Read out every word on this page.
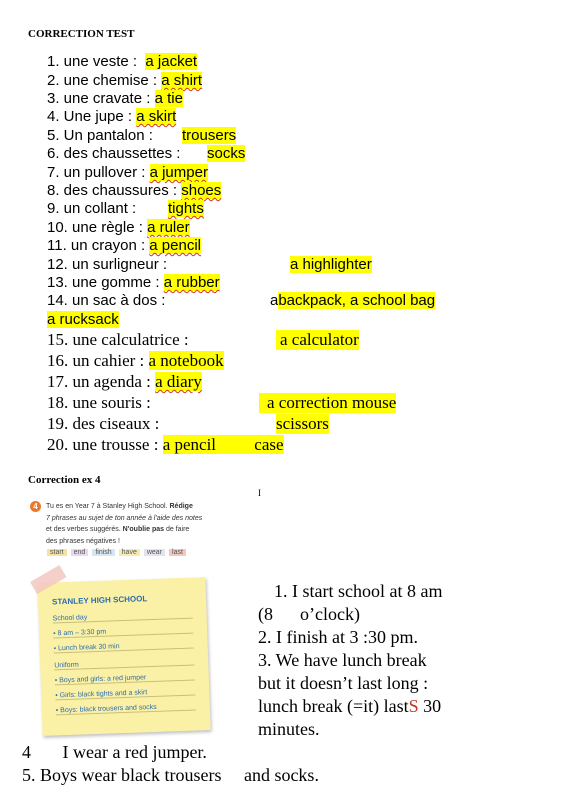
CORRECTION TEST
1. une veste : a jacket
2. une chemise : a shirt
3. une cravate : a tie
4. Une jupe : a skirt
5. Un pantalon : trousers
6. des chaussettes : socks
7. un pullover : a jumper
8. des chaussures : shoes
9. un collant : tights
10. une règle : a ruler
11. un crayon : a pencil
12. un surligneur :	a highlighter
13. une gomme : a rubber
14. un sac à dos :	abackpack, a school bag
a rucksack
15. une calculatrice :	a calculator
16. un cahier : a notebook
17. un agenda : a diary
18. une souris :	a correction mouse
19. des ciseaux :	scissors
20. une trousse : a pencil case
Correction ex 4
I
4	Tu es en Year 7 à Stanley High School. Rédige
7 phrases au sujet de ton année à l'aide des notes
et des verbes suggérés. N'oublie pas de faire
des phrases négatives !
start end finish have wear last
STANLEY HIGH SCHOOL
School day
• 8 am – 3:30 pm
• Lunch break 30 min
Uniform
• Boys and girls: a red jumper
• Girls: black tights and a skirt
• Boys: black trousers and socks
1. I start school at 8 am
(8      o’clock)
2. I finish at 3 :30 pm.
3. We have lunch break
but it doesn’t last long :
lunch break (=it) lastS 30
minutes.
4       I wear a red jumper.
5. Boys wear black trousers     and socks.
